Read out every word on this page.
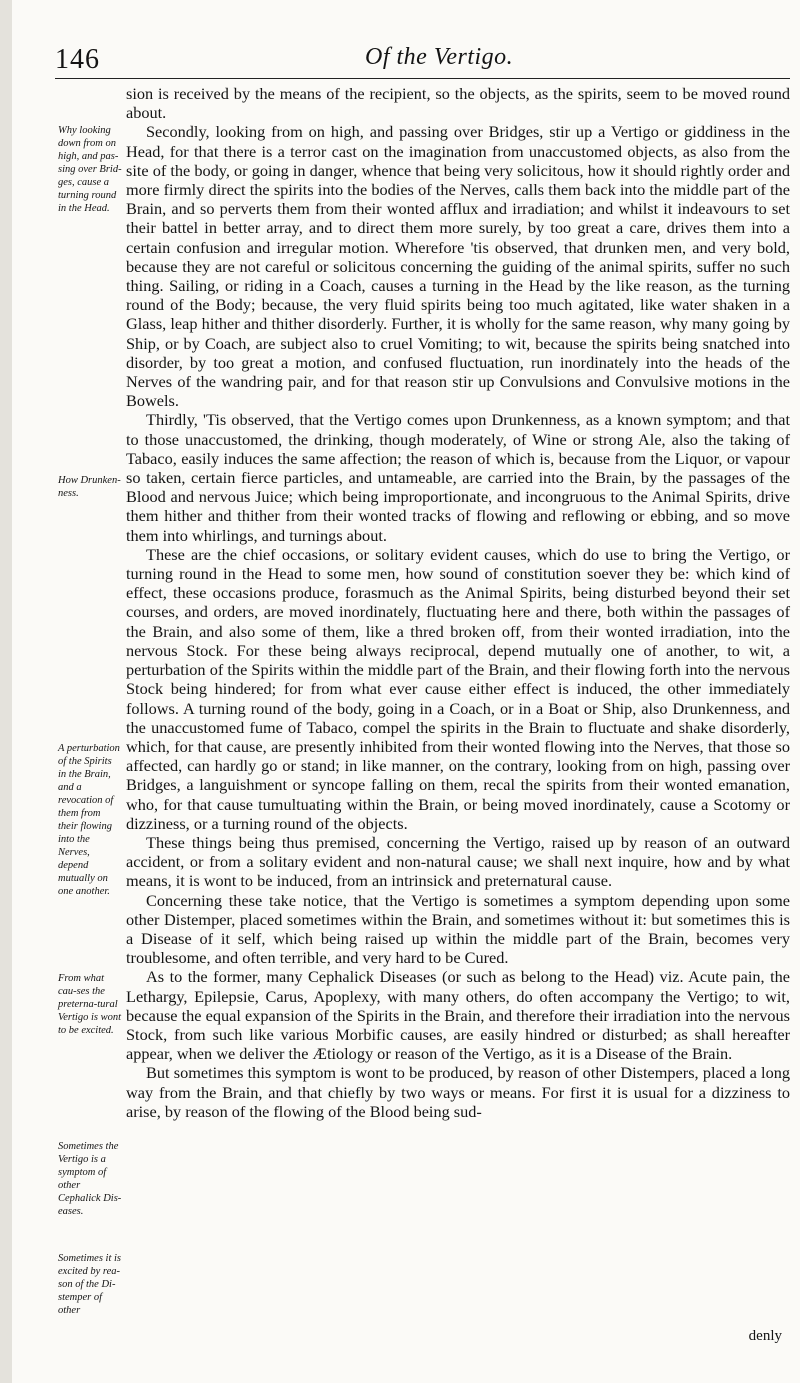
146	Of the Vertigo.
Why looking down from on high, and pas-sing over Brid-ges, cause a turning round in the Head.
How Drunken-ness.
A perturbation of the Spirits in the Brain, and a revocation of them from their flowing into the Nerves, depend mutually on one another.
From what cau-ses the preterna-tural Vertigo is wont to be excited.
Sometimes the Vertigo is a symptom of other Cephalick Dis-eases.
Sometimes it is excited by rea-son of the Di-stemper of other

sion is received by the means of the recipient, so the objects, as the spirits, seem to be moved round about.

Secondly, looking from on high, and passing over Bridges, stir up a Vertigo or giddiness in the Head, for that there is a terror cast on the imagination from unaccustomed objects, as also from the site of the body, or going in danger, whence that being very solicitous, how it should rightly order and more firmly direct the spirits into the bodies of the Nerves, calls them back into the middle part of the Brain, and so perverts them from their wonted afflux and irradiation; and whilst it indeavours to set their battel in better array, and to direct them more surely, by too great a care, drives them into a certain confusion and irregular motion. Wherefore 'tis observed, that drunken men, and very bold, because they are not careful or solicitous concerning the guiding of the animal spirits, suffer no such thing. Sailing, or riding in a Coach, causes a turning in the Head by the like reason, as the turning round of the Body; because, the very fluid spirits being too much agitated, like water shaken in a Glass, leap hither and thither disorderly. Further, it is wholly for the same reason, why many going by Ship, or by Coach, are subject also to cruel Vomiting; to wit, because the spirits being snatched into disorder, by too great a motion, and confused fluctuation, run inordinately into the heads of the Nerves of the wandring pair, and for that reason stir up Convulsions and Convulsive motions in the Bowels.

Thirdly, 'Tis observed, that the Vertigo comes upon Drunkenness, as a known symptom; and that to those unaccustomed, the drinking, though moderately, of Wine or strong Ale, also the taking of Tabaco, easily induces the same affection; the reason of which is, because from the Liquor, or vapour so taken, certain fierce particles, and untameable, are carried into the Brain, by the passages of the Blood and nervous Juice; which being improportionate, and incongruous to the Animal Spirits, drive them hither and thither from their wonted tracks of flowing and reflowing or ebbing, and so move them into whirlings, and turnings about.

These are the chief occasions, or solitary evident causes, which do use to bring the Vertigo, or turning round in the Head to some men, how sound of constitution soever they be: which kind of effect, these occasions produce, forasmuch as the Animal Spirits, being disturbed beyond their set courses, and orders, are moved inordinately, fluctuating here and there, both within the passages of the Brain, and also some of them, like a thred broken off, from their wonted irradiation, into the nervous Stock. For these being always reciprocal, depend mutually one of another, to wit, a perturbation of the Spirits within the middle part of the Brain, and their flowing forth into the nervous Stock being hindered; for from what ever cause either effect is induced, the other immediately follows. A turning round of the body, going in a Coach, or in a Boat or Ship, also Drunkenness, and the unaccustomed fume of Tabaco, compel the spirits in the Brain to fluctuate and shake disorderly, which, for that cause, are presently inhibited from their wonted flowing into the Nerves, that those so affected, can hardly go or stand; in like manner, on the contrary, looking from on high, passing over Bridges, a languishment or syncope falling on them, recal the spirits from their wonted emanation, who, for that cause tumultuating within the Brain, or being moved inordinately, cause a Scotomy or dizziness, or a turning round of the objects.

These things being thus premised, concerning the Vertigo, raised up by reason of an outward accident, or from a solitary evident and non-natural cause; we shall next inquire, how and by what means, it is wont to be induced, from an intrinsick and preternatural cause.

Concerning these take notice, that the Vertigo is sometimes a symptom depending upon some other Distemper, placed sometimes within the Brain, and sometimes without it: but sometimes this is a Disease of it self, which being raised up within the middle part of the Brain, becomes very troublesome, and often terrible, and very hard to be Cured.

As to the former, many Cephalick Diseases (or such as belong to the Head) viz. Acute pain, the Lethargy, Epilepsie, Carus, Apoplexy, with many others, do often accompany the Vertigo; to wit, because the equal expansion of the Spirits in the Brain, and therefore their irradiation into the nervous Stock, from such like various Morbific causes, are easily hindred or disturbed; as shall hereafter appear, when we deliver the Ætiology or reason of the Vertigo, as it is a Disease of the Brain.

But sometimes this symptom is wont to be produced, by reason of other Distempers, placed a long way from the Brain, and that chiefly by two ways or means. For first it is usual for a dizziness to arise, by reason of the flowing of the Blood being sud-

denly
